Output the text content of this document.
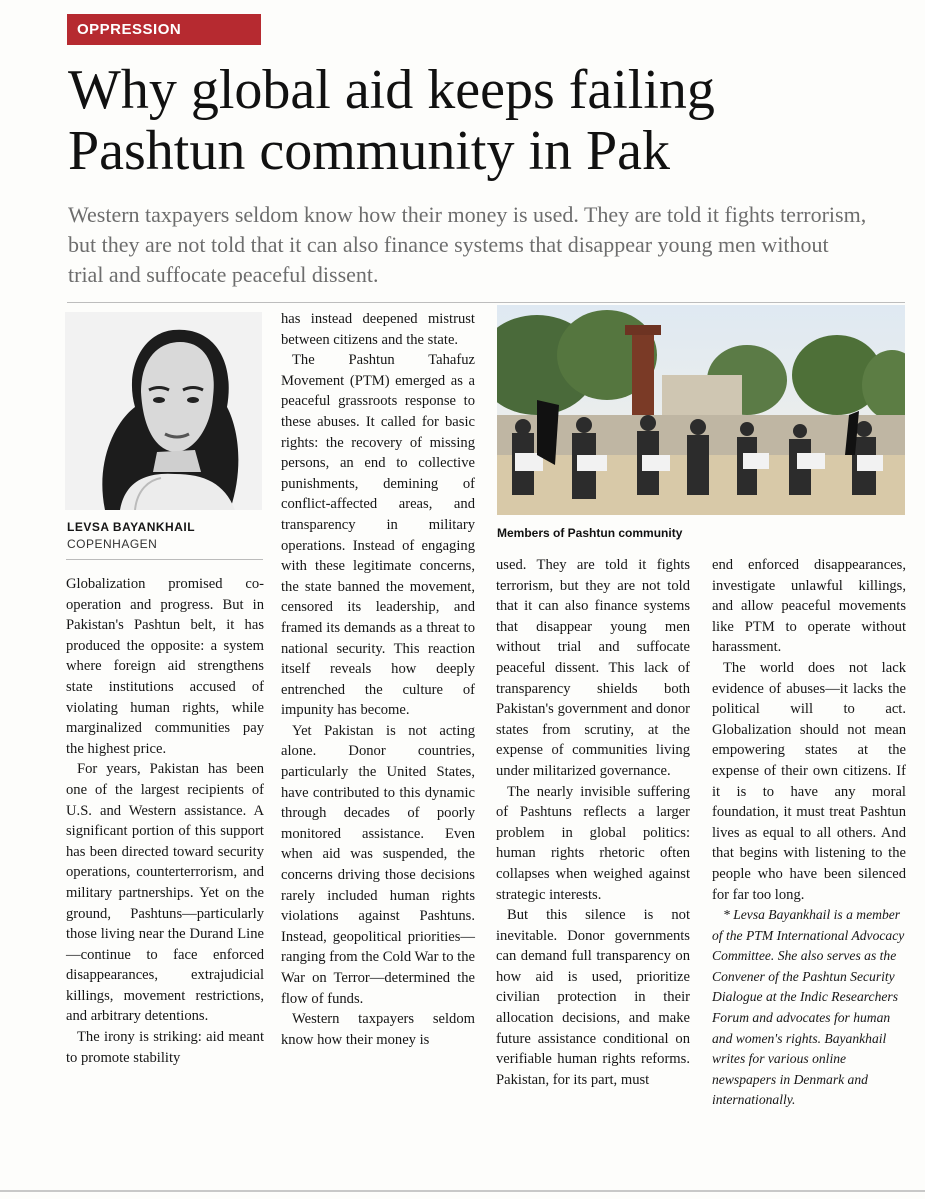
OPPRESSION
Why global aid keeps failing
Pashtun community in Pak
Western taxpayers seldom know how their money is used. They are told it fights terrorism, but they are not told that it can also finance systems that disappear young men without trial and suffocate peaceful dissent.
LEVSA BAYANKHAIL
COPENHAGEN

Globalization promised co-operation and progress. But in Pakistan's Pashtun belt, it has produced the opposite: a system where foreign aid strengthens state institutions accused of violating human rights, while marginalized communities pay the highest price.

For years, Pakistan has been one of the largest recipients of U.S. and Western assistance. A significant portion of this support has been directed toward security operations, counterterrorism, and military partnerships. Yet on the ground, Pashtuns—particularly those living near the Durand Line—continue to face enforced disappearances, extrajudicial killings, movement restrictions, and arbitrary detentions.

The irony is striking: aid meant to promote stability

has instead deepened mistrust between citizens and the state.

The Pashtun Tahafuz Movement (PTM) emerged as a peaceful grassroots response to these abuses. It called for basic rights: the recovery of missing persons, an end to collective punishments, demining of conflict-affected areas, and transparency in military operations. Instead of engaging with these legitimate concerns, the state banned the movement, censored its leadership, and framed its demands as a threat to national security. This reaction itself reveals how deeply entrenched the culture of impunity has become.

Yet Pakistan is not acting alone. Donor countries, particularly the United States, have contributed to this dynamic through decades of poorly monitored assistance. Even when aid was suspended, the concerns driving those decisions rarely included human rights violations against Pashtuns. Instead, geopolitical priorities—ranging from the Cold War to the War on Terror—determined the flow of funds.

Western taxpayers seldom know how their money is

Members of Pashtun community

used. They are told it fights terrorism, but they are not told that it can also finance systems that disappear young men without trial and suffocate peaceful dissent. This lack of transparency shields both Pakistan's government and donor states from scrutiny, at the expense of communities living under militarized governance.

The nearly invisible suffering of Pashtuns reflects a larger problem in global politics: human rights rhetoric often collapses when weighed against strategic interests.

But this silence is not inevitable. Donor governments can demand full transparency on how aid is used, prioritize civilian protection in their allocation decisions, and make future assistance conditional on verifiable human rights reforms. Pakistan, for its part, must

end enforced disappearances, investigate unlawful killings, and allow peaceful movements like PTM to operate without harassment.

The world does not lack evidence of abuses—it lacks the political will to act. Globalization should not mean empowering states at the expense of their own citizens. If it is to have any moral foundation, it must treat Pashtun lives as equal to all others. And that begins with listening to the people who have been silenced for far too long.

* Levsa Bayankhail is a member of the PTM International Advocacy Committee. She also serves as the Convener of the Pashtun Security Dialogue at the Indic Researchers Forum and advocates for human and women's rights. Bayankhail writes for various online newspapers in Denmark and internationally.
